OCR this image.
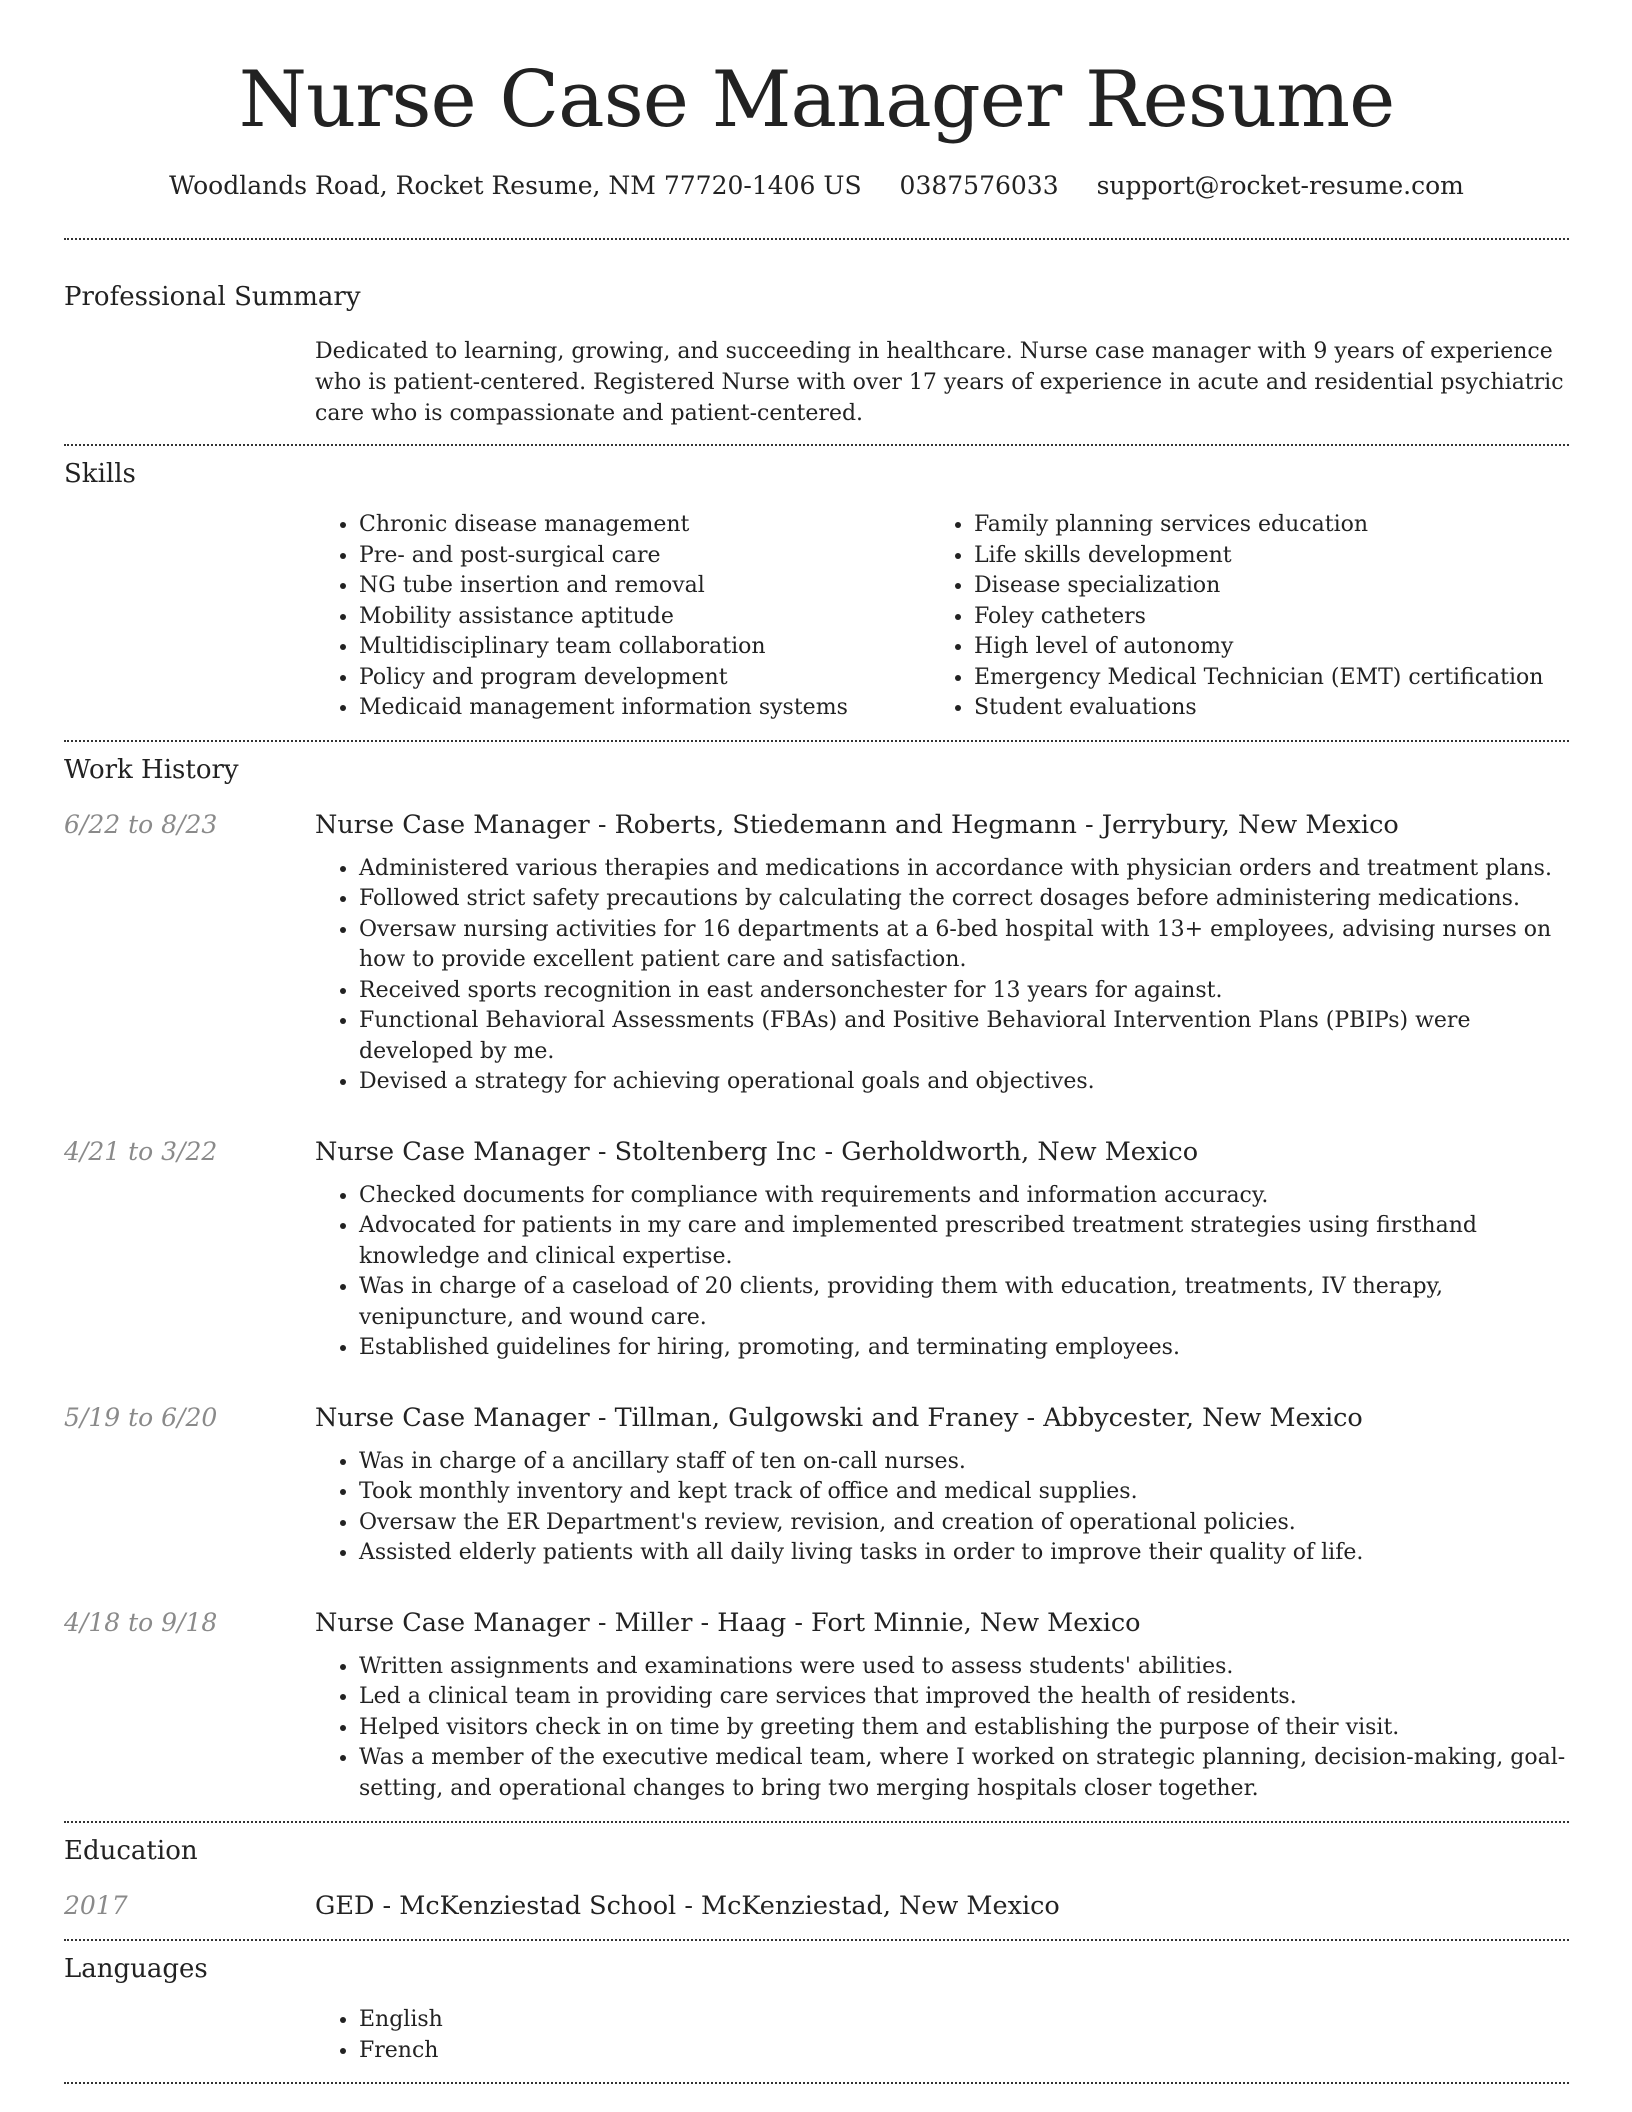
Nurse Case Manager Resume
Woodlands Road, Rocket Resume, NM 77720-1406 US 0387576033 support@rocket-resume.com
Professional Summary
Dedicated to learning, growing, and succeeding in healthcare. Nurse case manager with 9 years of experience who is patient-centered. Registered Nurse with over 17 years of experience in acute and residential psychiatric care who is compassionate and patient-centered.
Skills
• Chronic disease management
• Pre- and post-surgical care
• NG tube insertion and removal
• Mobility assistance aptitude
• Multidisciplinary team collaboration
• Policy and program development
• Medicaid management information systems
• Family planning services education
• Life skills development
• Disease specialization
• Foley catheters
• High level of autonomy
• Emergency Medical Technician (EMT) certification
• Student evaluations
Work History
6/22 to 8/23	Nurse Case Manager - Roberts, Stiedemann and Hegmann - Jerrybury, New Mexico
• Administered various therapies and medications in accordance with physician orders and treatment plans.
• Followed strict safety precautions by calculating the correct dosages before administering medications.
• Oversaw nursing activities for 16 departments at a 6-bed hospital with 13+ employees, advising nurses on how to provide excellent patient care and satisfaction.
• Received sports recognition in east andersonchester for 13 years for against.
• Functional Behavioral Assessments (FBAs) and Positive Behavioral Intervention Plans (PBIPs) were developed by me.
• Devised a strategy for achieving operational goals and objectives.
4/21 to 3/22	Nurse Case Manager - Stoltenberg Inc - Gerholdworth, New Mexico
• Checked documents for compliance with requirements and information accuracy.
• Advocated for patients in my care and implemented prescribed treatment strategies using firsthand knowledge and clinical expertise.
• Was in charge of a caseload of 20 clients, providing them with education, treatments, IV therapy, venipuncture, and wound care.
• Established guidelines for hiring, promoting, and terminating employees.
5/19 to 6/20	Nurse Case Manager - Tillman, Gulgowski and Franey - Abbycester, New Mexico
• Was in charge of a ancillary staff of ten on-call nurses.
• Took monthly inventory and kept track of office and medical supplies.
• Oversaw the ER Department's review, revision, and creation of operational policies.
• Assisted elderly patients with all daily living tasks in order to improve their quality of life.
4/18 to 9/18	Nurse Case Manager - Miller - Haag - Fort Minnie, New Mexico
• Written assignments and examinations were used to assess students' abilities.
• Led a clinical team in providing care services that improved the health of residents.
• Helped visitors check in on time by greeting them and establishing the purpose of their visit.
• Was a member of the executive medical team, where I worked on strategic planning, decision-making, goal-setting, and operational changes to bring two merging hospitals closer together.
Education
2017	GED - McKenziestad School - McKenziestad, New Mexico
Languages
• English
• French
